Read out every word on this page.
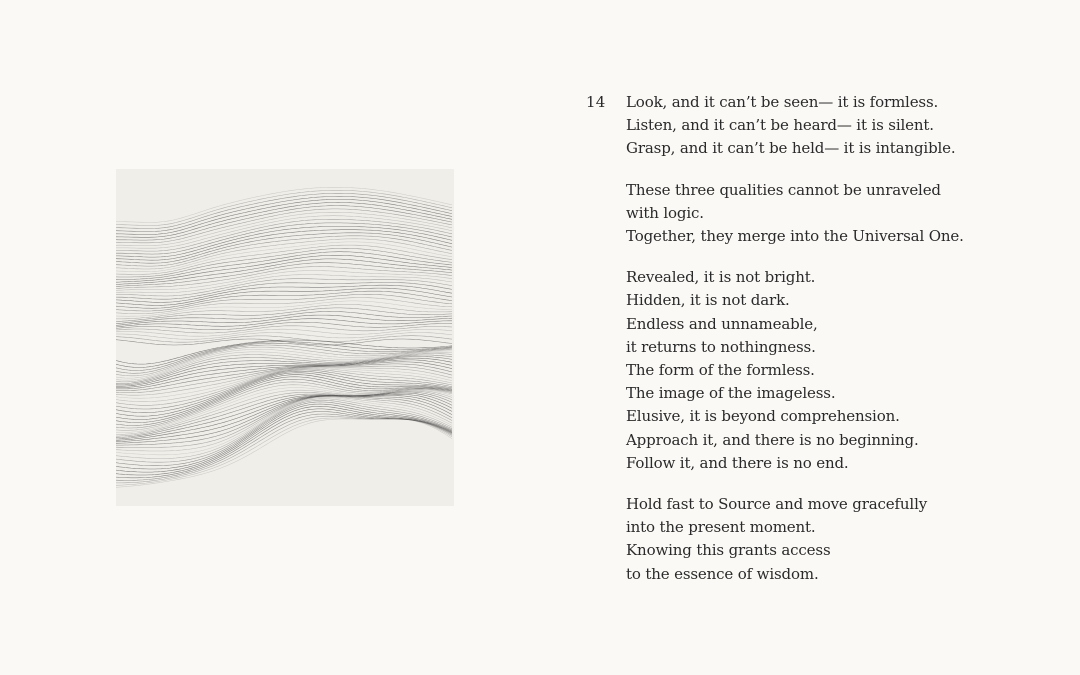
14 Look, and it can’t be seen— it is formless.
Listen, and it can’t be heard— it is silent.
Grasp, and it can’t be held— it is intangible.
These three qualities cannot be unraveled
with logic.
Together, they merge into the Universal One.
Revealed, it is not bright.
Hidden, it is not dark.
Endless and unnameable,
it returns to nothingness.
The form of the formless.
The image of the imageless.
Elusive, it is beyond comprehension.
Approach it, and there is no beginning.
Follow it, and there is no end.
Hold fast to Source and move gracefully
into the present moment.
Knowing this grants access
to the essence of wisdom.
